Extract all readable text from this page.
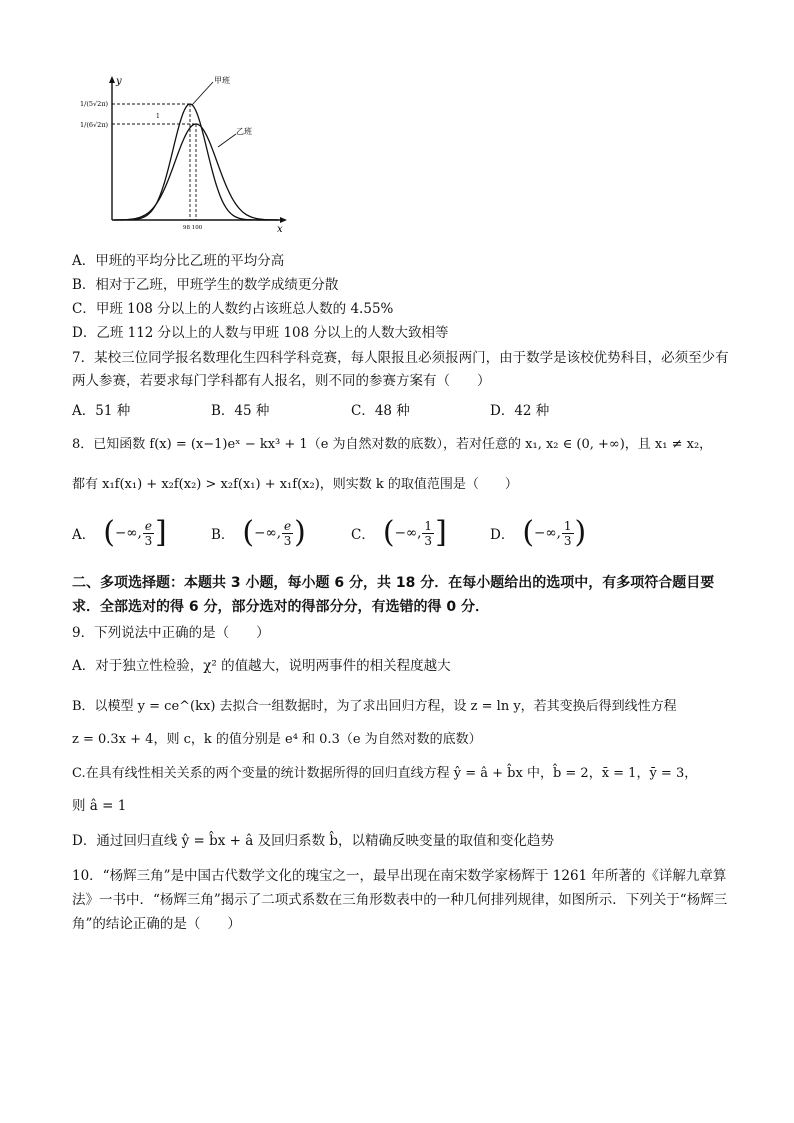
y
x
1/(5√2π)
1/(6√2π)
1
甲班
乙班
98 100
A．甲班的平均分比乙班的平均分高
B．相对于乙班，甲班学生的数学成绩更分散
C．甲班 108 分以上的人数约占该班总人数的 4.55%
D．乙班 112 分以上的人数与甲班 108 分以上的人数大致相等
7．某校三位同学报名数理化生四科学科竞赛，每人限报且必须报两门，由于数学是该校优势科目，必须至少有两人参赛，若要求每门学科都有人报名，则不同的参赛方案有（　　）
A．51 种	B．45 种	C．48 种	D．42 种
8．已知函数 f(x) = (x−1)eˣ − kx³ + 1（e 为自然对数的底数），若对任意的 x₁, x₂ ∈ (0, +∞)，且 x₁ ≠ x₂，
都有 x₁f(x₁) + x₂f(x₂) > x₂f(x₁) + x₁f(x₂)，则实数 k 的取值范围是（　　）
A． ( −∞, $\frac{e}{3}$ ]	B． ( −∞, $\frac{e}{3}$ )	C． ( −∞, $\frac{1}{3}$ ]	D． ( −∞, $\frac{1}{3}$ )
二、多项选择题：本题共 3 小题，每小题 6 分，共 18 分．在每小题给出的选项中，有多项符合题目要求．全部选对的得 6 分，部分选对的得部分分，有选错的得 0 分．
9．下列说法中正确的是（　　）
A．对于独立性检验，χ² 的值越大，说明两事件的相关程度越大
B．以模型 y = ce^(kx) 去拟合一组数据时，为了求出回归方程，设 z = ln y，若其变换后得到线性方程
z = 0.3x + 4，则 c，k 的值分别是 e⁴ 和 0.3（e 为自然对数的底数）
C.在具有线性相关关系的两个变量的统计数据所得的回归直线方程 ŷ = â + b̂x 中，b̂ = 2，x̄ = 1，ȳ = 3，
则 â = 1
D．通过回归直线 ŷ = b̂x + â 及回归系数 b̂，以精确反映变量的取值和变化趋势
10．“杨辉三角”是中国古代数学文化的瑰宝之一，最早出现在南宋数学家杨辉于 1261 年所著的《详解九章算法》一书中．“杨辉三角”揭示了二项式系数在三角形数表中的一种几何排列规律，如图所示．下列关于“杨辉三角”的结论正确的是（　　）
